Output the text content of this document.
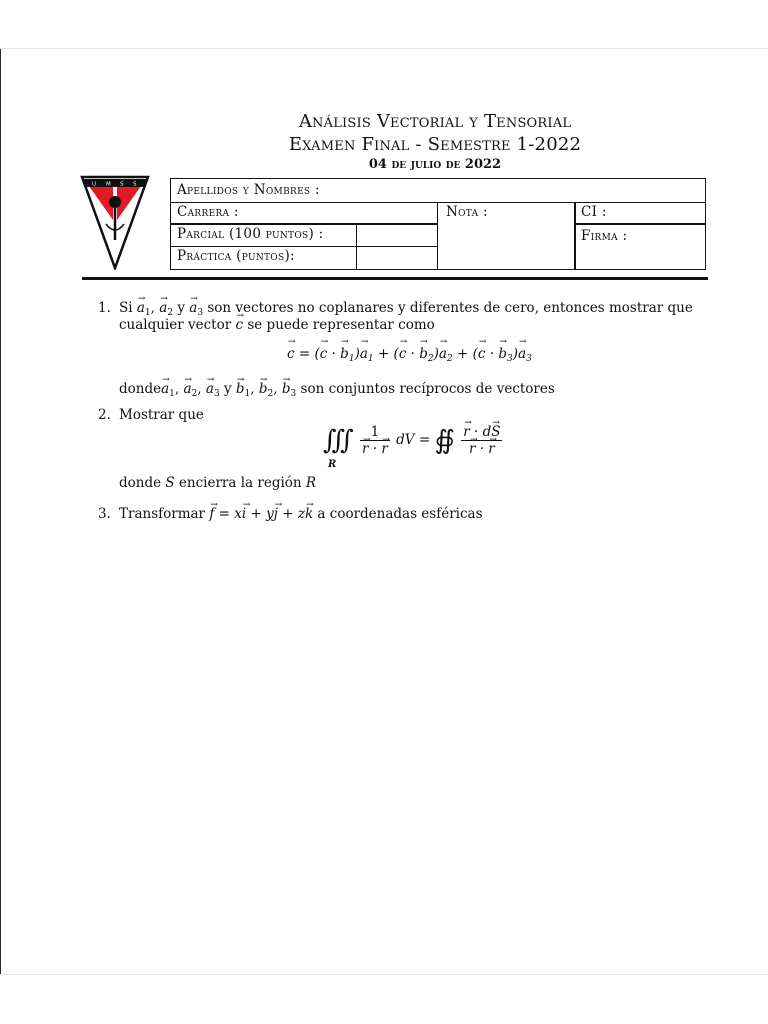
Análisis Vectorial y Tensorial
Examen Final - Semestre 1-2022
04 de julio de 2022
U M S S	Apellidos y Nombres :
Carrera :	Nota :	CI :
Parcial (100 puntos) :	Firma :
Práctica (puntos):
1. $Si \to a_1$, → $a_2$ $y \to a_3$ son vectores no coplanares y diferentes de cero, entonces mostrar que
cualquier vector → c se puede representar como
→ c = (→ c · → $b_1)\to a_1$ + (→ c · → $b_2)\to a_2$ + (→ c · → $b_3)\to a_3$
donde→ $a_1$, → $a_2$, → $a_3$ $y \to b_1$, → $b_2$, → $b_3$ son conjuntos recíprocos de vectores
2. Mostrar que
∭ 1
→ r · → r dV = ∯
→ r · d→ S
→ r · → r
R
donde S encierra la región R
3. Transformar → f = x→ i + y→ j + z→ k a coordenadas esféricas
